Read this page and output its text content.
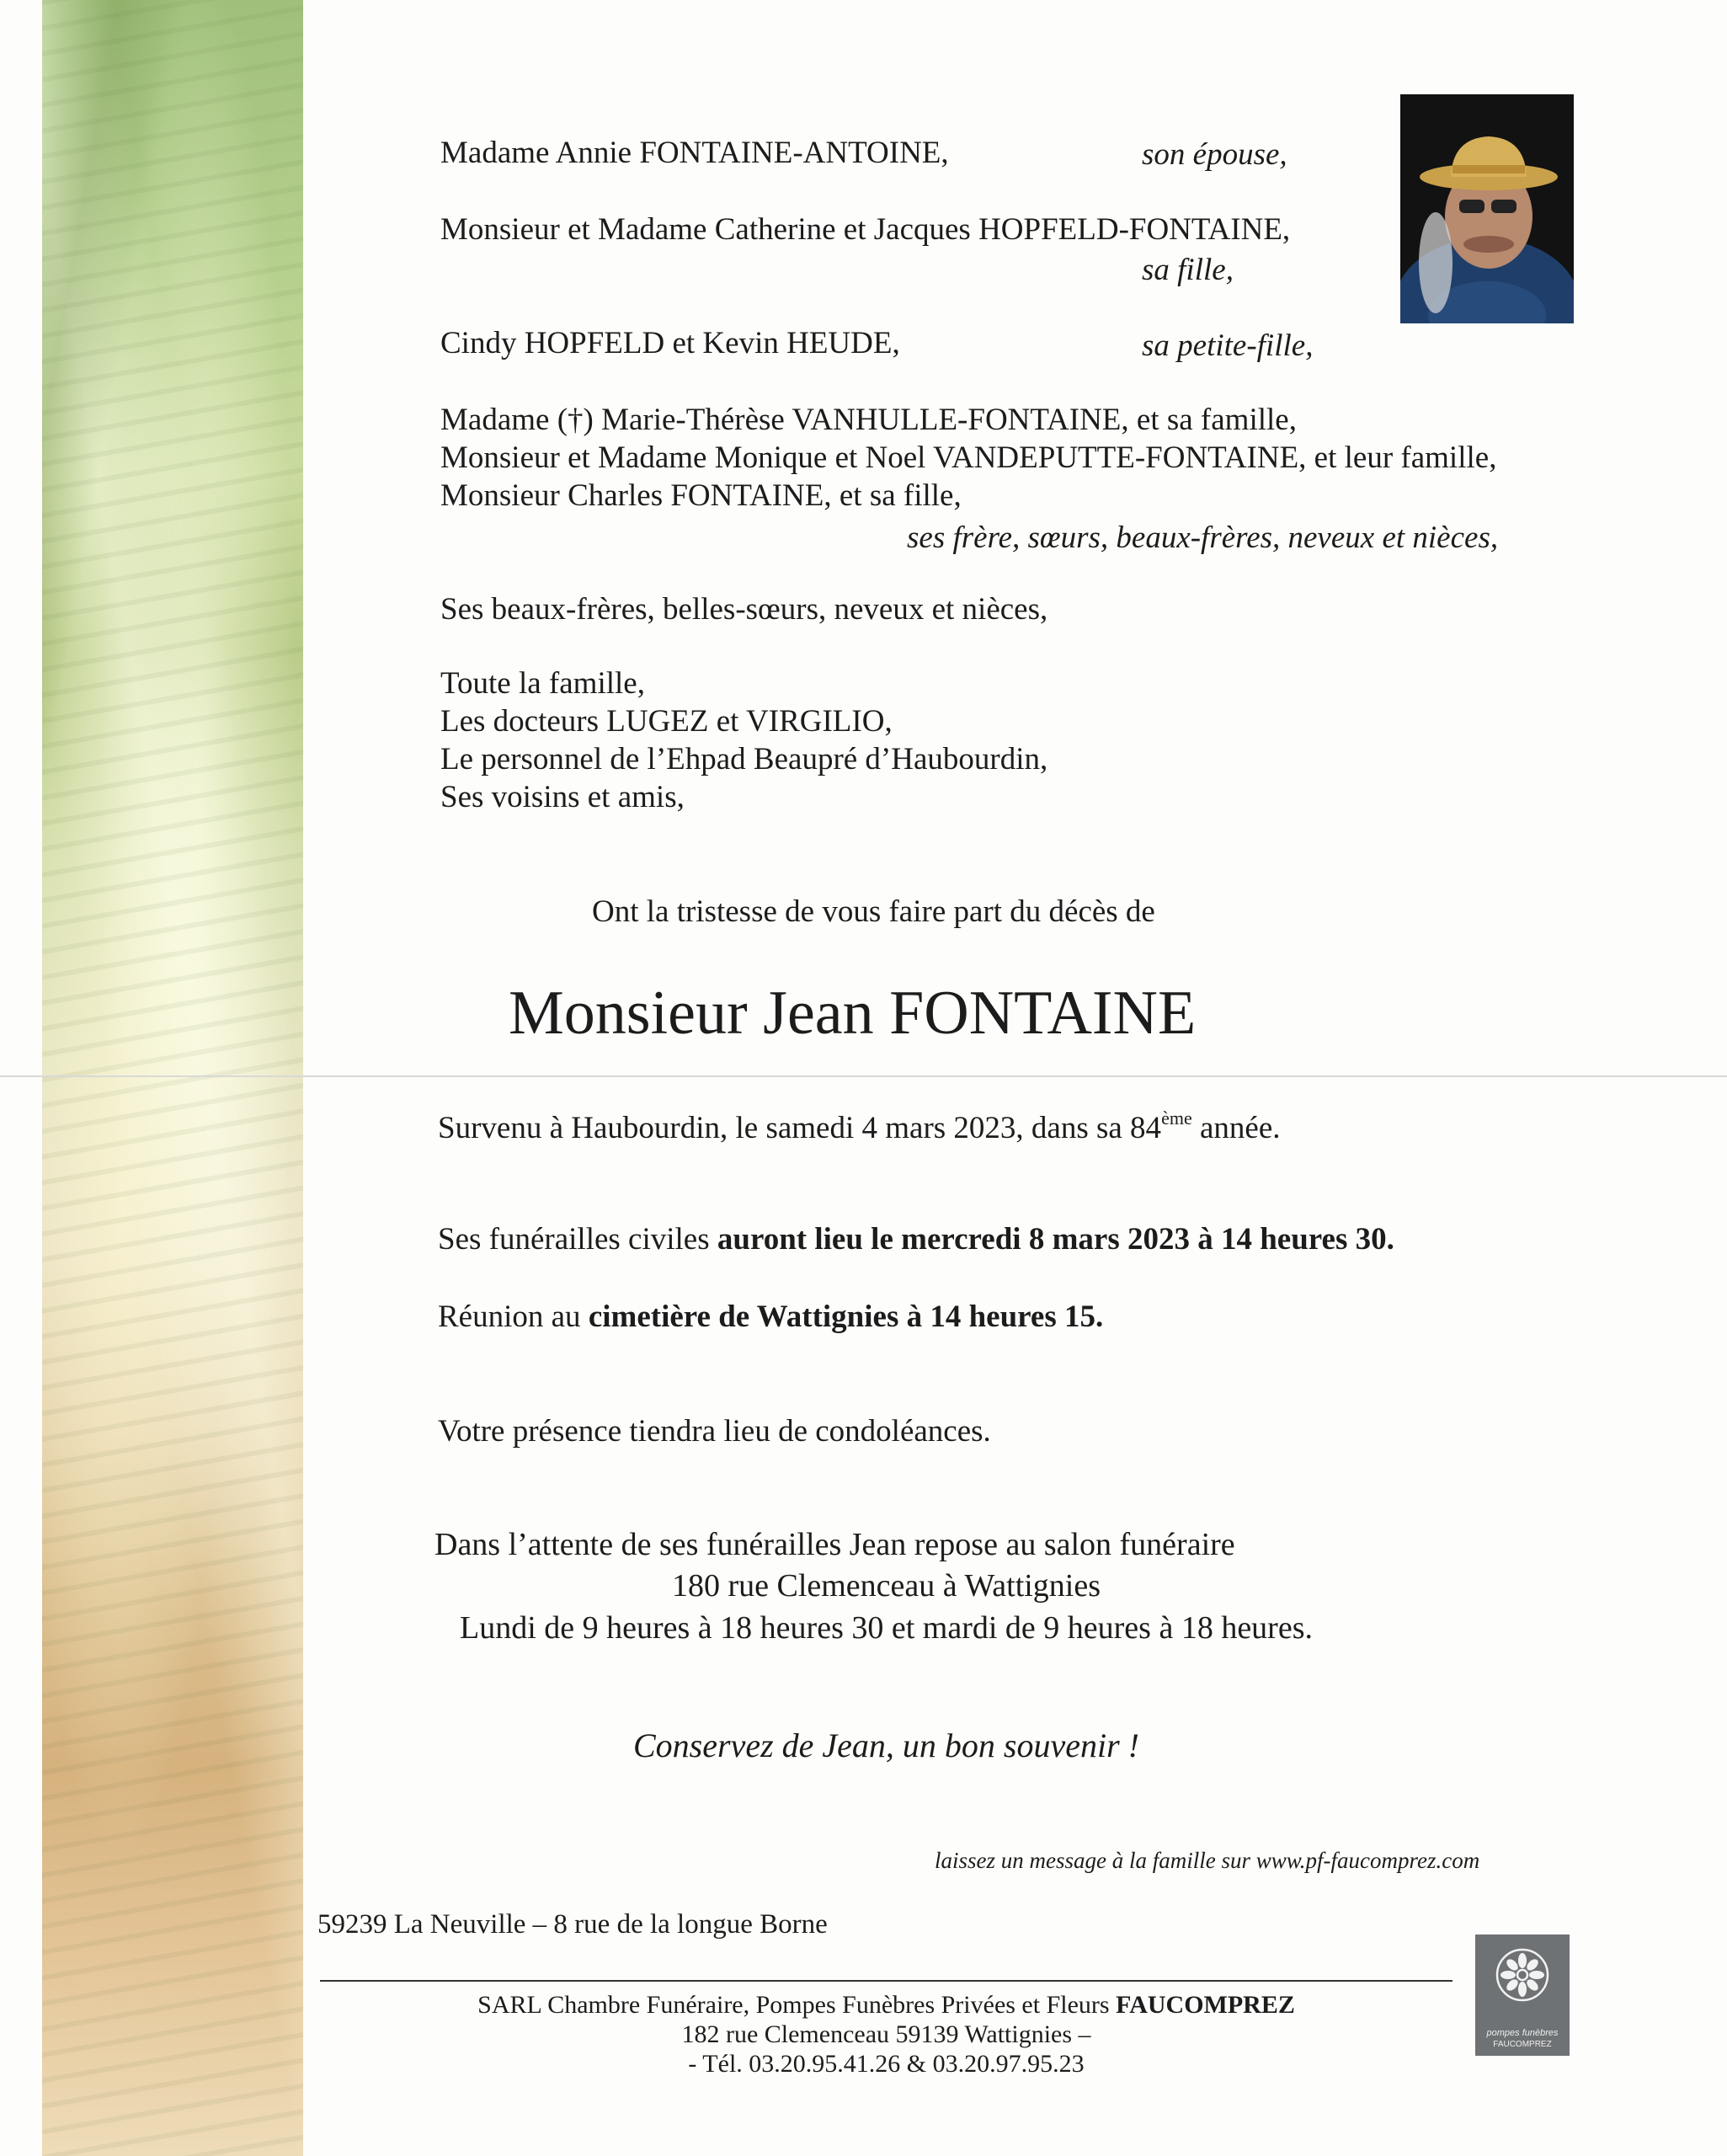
Madame Annie FONTAINE-ANTOINE,	son épouse,
Monsieur et Madame Catherine et Jacques HOPFELD-FONTAINE,
sa fille,
Cindy HOPFELD et Kevin HEUDE,	sa petite-fille,
Madame (†) Marie-Thérèse VANHULLE-FONTAINE, et sa famille,
Monsieur et Madame Monique et Noel VANDEPUTTE-FONTAINE, et leur famille,
Monsieur Charles FONTAINE, et sa fille,
ses frère, sœurs, beaux-frères, neveux et nièces,
Ses beaux-frères, belles-sœurs, neveux et nièces,
Toute la famille,
Les docteurs LUGEZ et VIRGILIO,
Le personnel de l’Ehpad Beaupré d’Haubourdin,
Ses voisins et amis,
Ont la tristesse de vous faire part du décès de
Monsieur Jean FONTAINE
Survenu à Haubourdin, le samedi 4 mars 2023, dans sa 84ème année.
Ses funérailles civiles auront lieu le mercredi 8 mars 2023 à 14 heures 30.
Réunion au cimetière de Wattignies à 14 heures 15.
Votre présence tiendra lieu de condoléances.
Dans l’attente de ses funérailles Jean repose au salon funéraire
180 rue Clemenceau à Wattignies
Lundi de 9 heures à 18 heures 30 et mardi de 9 heures à 18 heures.
Conservez de Jean, un bon souvenir !
laissez un message à la famille sur www.pf-faucomprez.com
59239 La Neuville – 8 rue de la longue Borne
SARL Chambre Funéraire, Pompes Funèbres Privées et Fleurs FAUCOMPREZ
182 rue Clemenceau 59139 Wattignies –
- Tél. 03.20.95.41.26 & 03.20.97.95.23
pompes funèbres
FAUCOMPREZ
